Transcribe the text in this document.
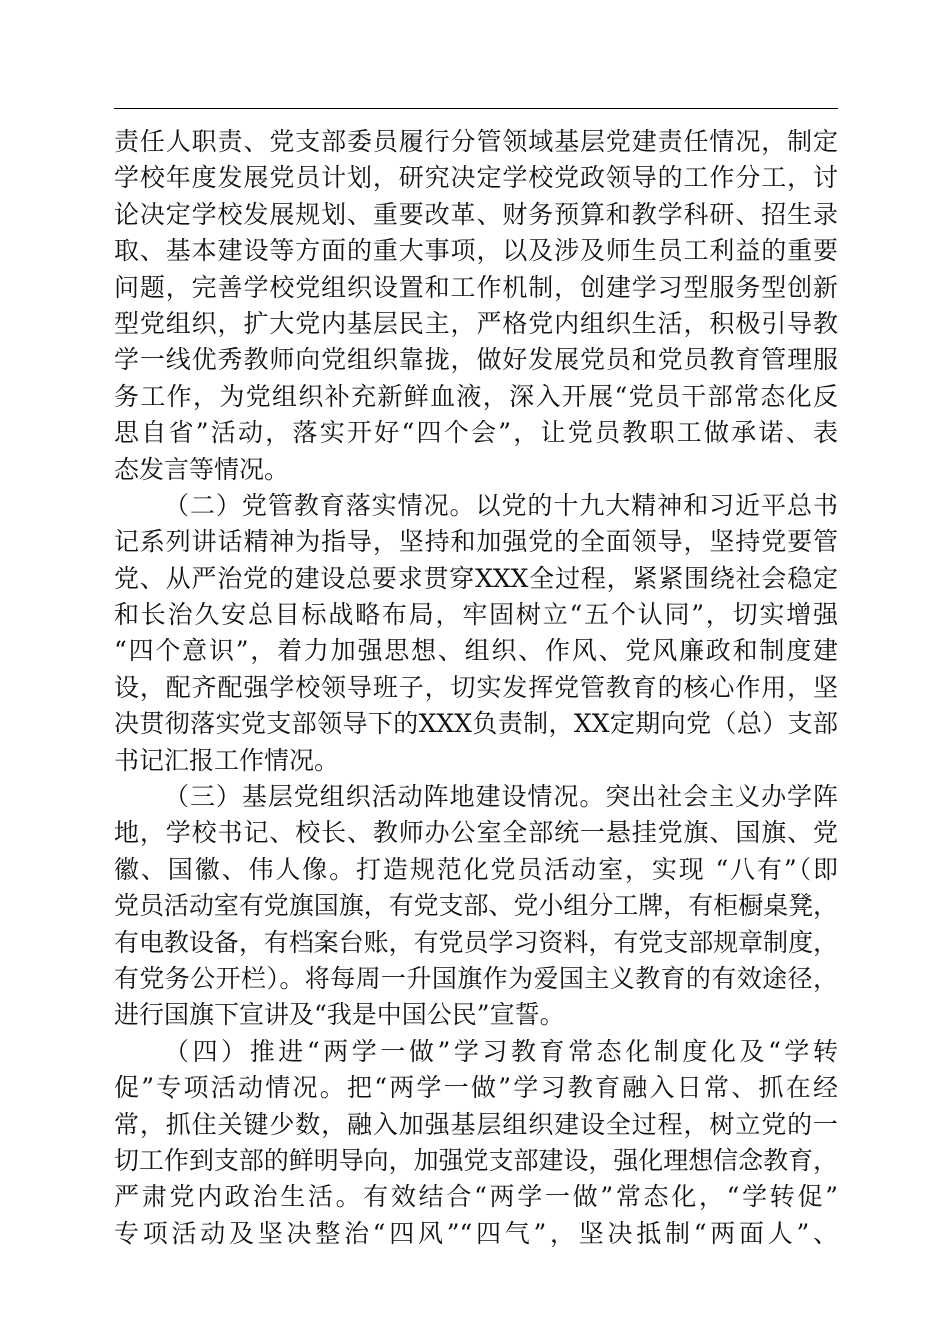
责任人职责、党支部委员履行分管领域基层党建责任情况，制定
学校年度发展党员计划，研究决定学校党政领导的工作分工，讨
论决定学校发展规划、重要改革、财务预算和教学科研、招生录
取、基本建设等方面的重大事项，以及涉及师生员工利益的重要
问题，完善学校党组织设置和工作机制，创建学习型服务型创新
型党组织，扩大党内基层民主，严格党内组织生活，积极引导教
学一线优秀教师向党组织靠拢，做好发展党员和党员教育管理服
务工作，为党组织补充新鲜血液，深入开展“党员干部常态化反
思自省”活动，落实开好“四个会”，让党员教职工做承诺、表
态发言等情况。
（二）党管教育落实情况。以党的十九大精神和习近平总书
记系列讲话精神为指导，坚持和加强党的全面领导，坚持党要管
党、从严治党的建设总要求贯穿XXX全过程，紧紧围绕社会稳定
和长治久安总目标战略布局，牢固树立“五个认同”，切实增强
“四个意识”，着力加强思想、组织、作风、党风廉政和制度建
设，配齐配强学校领导班子，切实发挥党管教育的核心作用，坚
决贯彻落实党支部领导下的XXX负责制，XX定期向党（总）支部
书记汇报工作情况。
（三）基层党组织活动阵地建设情况。突出社会主义办学阵
地，学校书记、校长、教师办公室全部统一悬挂党旗、国旗、党
徽、国徽、伟人像。打造规范化党员活动室，实现 “八有”（即
党员活动室有党旗国旗，有党支部、党小组分工牌，有柜橱桌凳，
有电教设备，有档案台账，有党员学习资料，有党支部规章制度，
有党务公开栏）。将每周一升国旗作为爱国主义教育的有效途径，
进行国旗下宣讲及“我是中国公民”宣誓。
（四）推进“两学一做”学习教育常态化制度化及“学转
促”专项活动情况。把“两学一做”学习教育融入日常、抓在经
常，抓住关键少数，融入加强基层组织建设全过程，树立党的一
切工作到支部的鲜明导向，加强党支部建设，强化理想信念教育，
严肃党内政治生活。有效结合“两学一做”常态化，“学转促”
专项活动及坚决整治“四风”“四气”，坚决抵制“两面人”、
